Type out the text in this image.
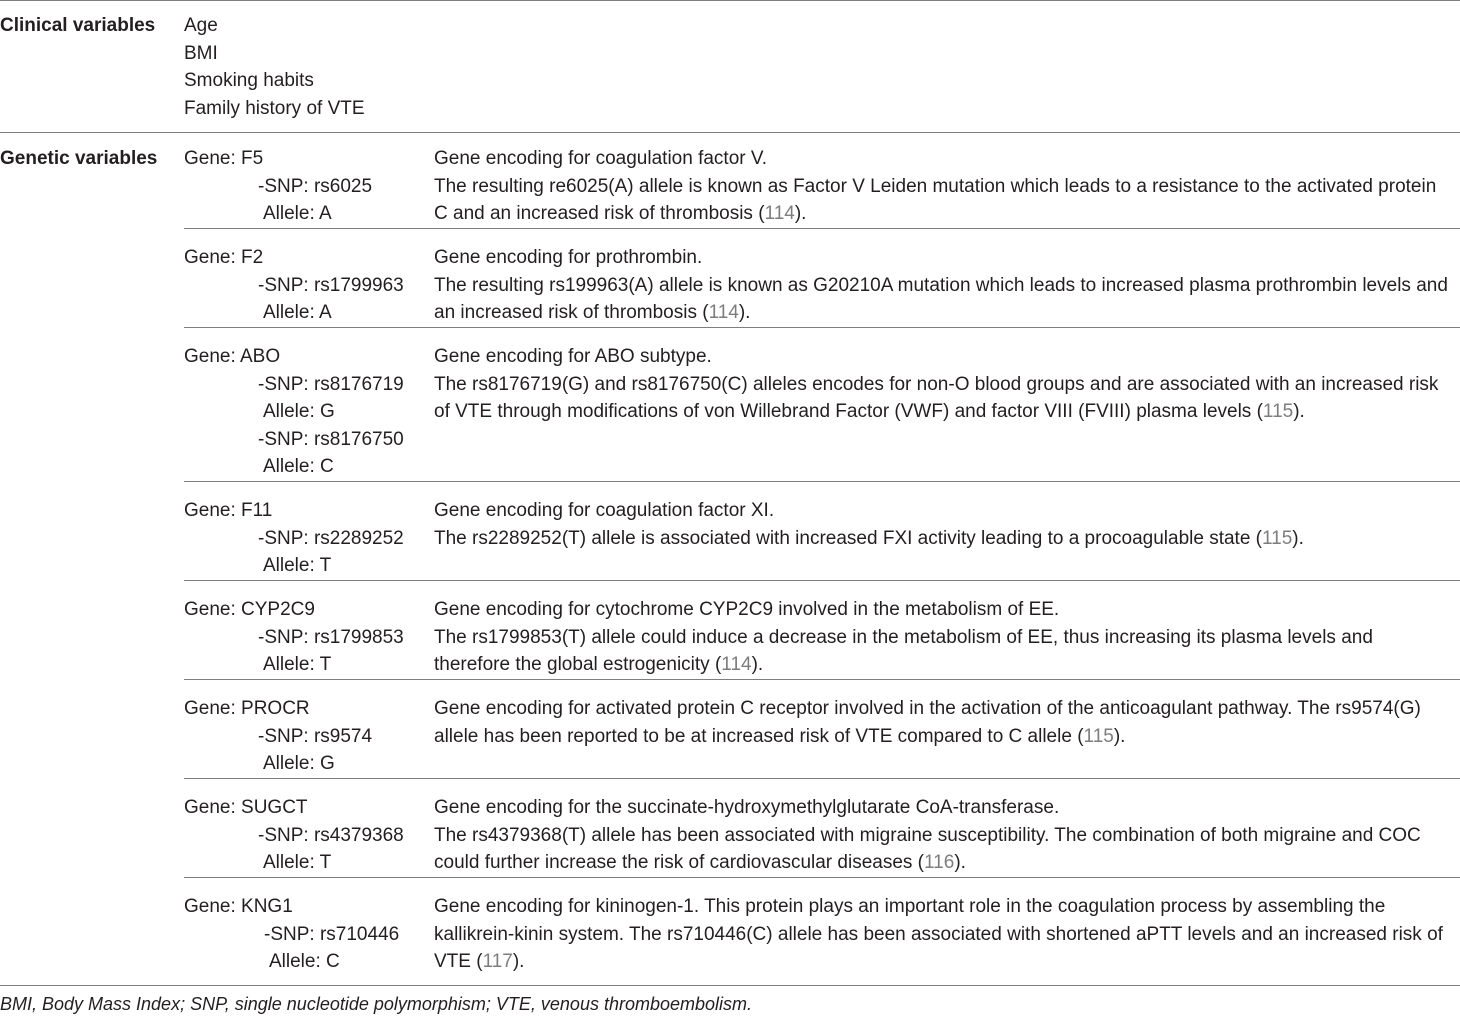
Clinical variables Age
BMI
Smoking habits
Family history of VTE
Genetic variables Gene: F5
-SNP: rs6025
Allele: A
Gene encoding for coagulation factor V.
The resulting re6025(A) allele is known as Factor V Leiden mutation which leads to a resistance to the activated protein C and an increased risk of thrombosis (114).
Gene: F2
-SNP: rs1799963
Allele: A
Gene encoding for prothrombin.
The resulting rs199963(A) allele is known as G20210A mutation which leads to increased plasma prothrombin levels and an increased risk of thrombosis (114).
Gene: ABO
-SNP: rs8176719
Allele: G
-SNP: rs8176750
Allele: C
Gene encoding for ABO subtype.
The rs8176719(G) and rs8176750(C) alleles encodes for non-O blood groups and are associated with an increased risk of VTE through modifications of von Willebrand Factor (VWF) and factor VIII (FVIII) plasma levels (115).
Gene: F11
-SNP: rs2289252
Allele: T
Gene encoding for coagulation factor XI.
The rs2289252(T) allele is associated with increased FXI activity leading to a procoagulable state (115).
Gene: CYP2C9
-SNP: rs1799853
Allele: T
Gene encoding for cytochrome CYP2C9 involved in the metabolism of EE.
The rs1799853(T) allele could induce a decrease in the metabolism of EE, thus increasing its plasma levels and therefore the global estrogenicity (114).
Gene: PROCR
-SNP: rs9574
Allele: G
Gene encoding for activated protein C receptor involved in the activation of the anticoagulant pathway. The rs9574(G) allele has been reported to be at increased risk of VTE compared to C allele (115).
Gene: SUGCT
-SNP: rs4379368
Allele: T
Gene encoding for the succinate-hydroxymethylglutarate CoA-transferase.
The rs4379368(T) allele has been associated with migraine susceptibility. The combination of both migraine and COC could further increase the risk of cardiovascular diseases (116).
Gene: KNG1
-SNP: rs710446
Allele: C
Gene encoding for kininogen-1. This protein plays an important role in the coagulation process by assembling the kallikrein-kinin system. The rs710446(C) allele has been associated with shortened aPTT levels and an increased risk of VTE (117).
BMI, Body Mass Index; SNP, single nucleotide polymorphism; VTE, venous thromboembolism.
